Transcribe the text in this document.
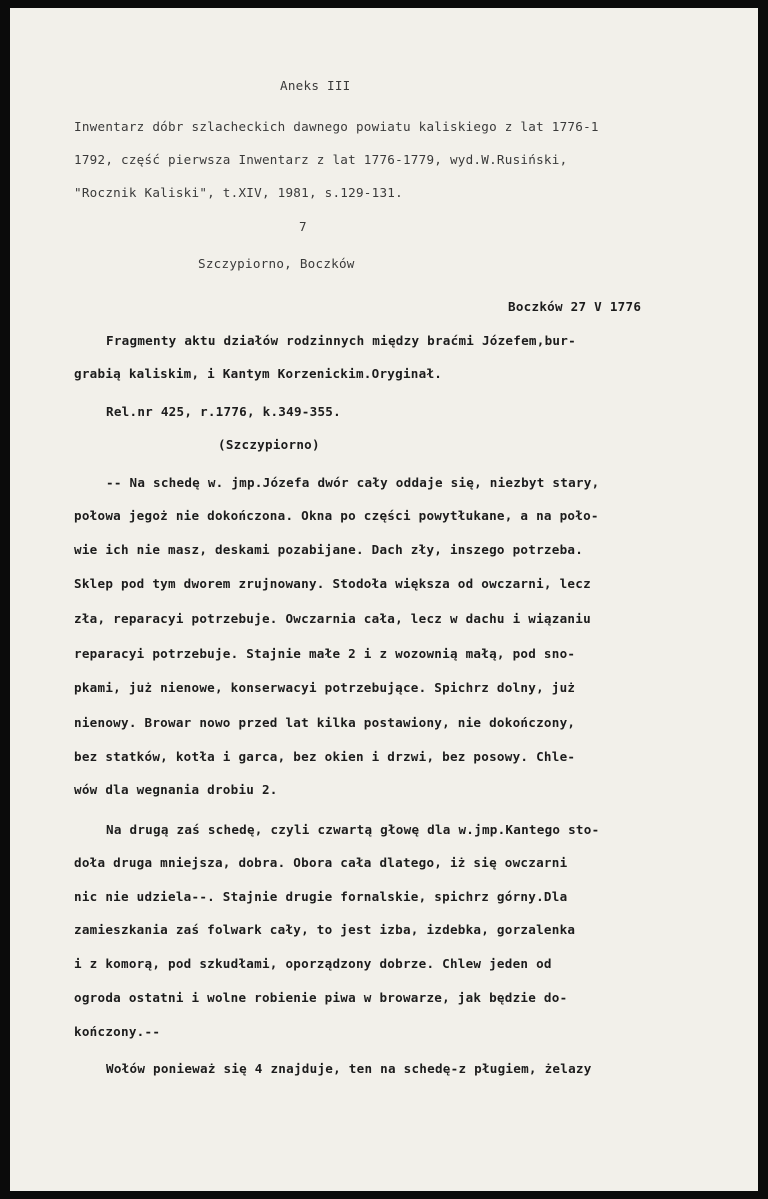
Aneks III
Inwentarz dóbr szlacheckich dawnego powiatu kaliskiego z lat 1776-1
1792, część pierwsza Inwentarz z lat 1776-1779, wyd.W.Rusiński,
"Rocznik Kaliski", t.XIV, 1981, s.129-131.
7
Szczypiorno, Boczków
Boczków 27 V 1776
Fragmenty aktu działów rodzinnych między braćmi Józefem,bur-
grabią kaliskim, i Kantym Korzenickim.Oryginał.
Rel.nr 425, r.1776, k.349-355.
(Szczypiorno)
-- Na schedę w. jmp.Józefa dwór cały oddaje się, niezbyt stary,
połowa jegoż nie dokończona. Okna po części powytłukane, a na poło-
wie ich nie masz, deskami pozabijane. Dach zły, inszego potrzeba.
Sklep pod tym dworem zrujnowany. Stodoła większa od owczarni, lecz
zła, reparacyi potrzebuje. Owczarnia cała, lecz w dachu i wiązaniu
reparacyi potrzebuje. Stajnie małe 2 i z wozownią małą, pod sno-
pkami, już nienowe, konserwacyi potrzebujące. Spichrz dolny, już
nienowy. Browar nowo przed lat kilka postawiony, nie dokończony,
bez statków, kotła i garca, bez okien i drzwi, bez posowy. Chle-
wów dla wegnania drobiu 2.
Na drugą zaś schedę, czyli czwartą głowę dla w.jmp.Kantego sto-
doła druga mniejsza, dobra. Obora cała dlatego, iż się owczarni
nic nie udziela--. Stajnie drugie fornalskie, spichrz górny.Dla
zamieszkania zaś folwark cały, to jest izba, izdebka, gorzalenka
i z komorą, pod szkudłami, oporządzony dobrze. Chlew jeden od
ogroda ostatni i wolne robienie piwa w browarze, jak będzie do-
kończony.--
Wołów ponieważ się 4 znajduje, ten na schedę-z pługiem, żelazy
